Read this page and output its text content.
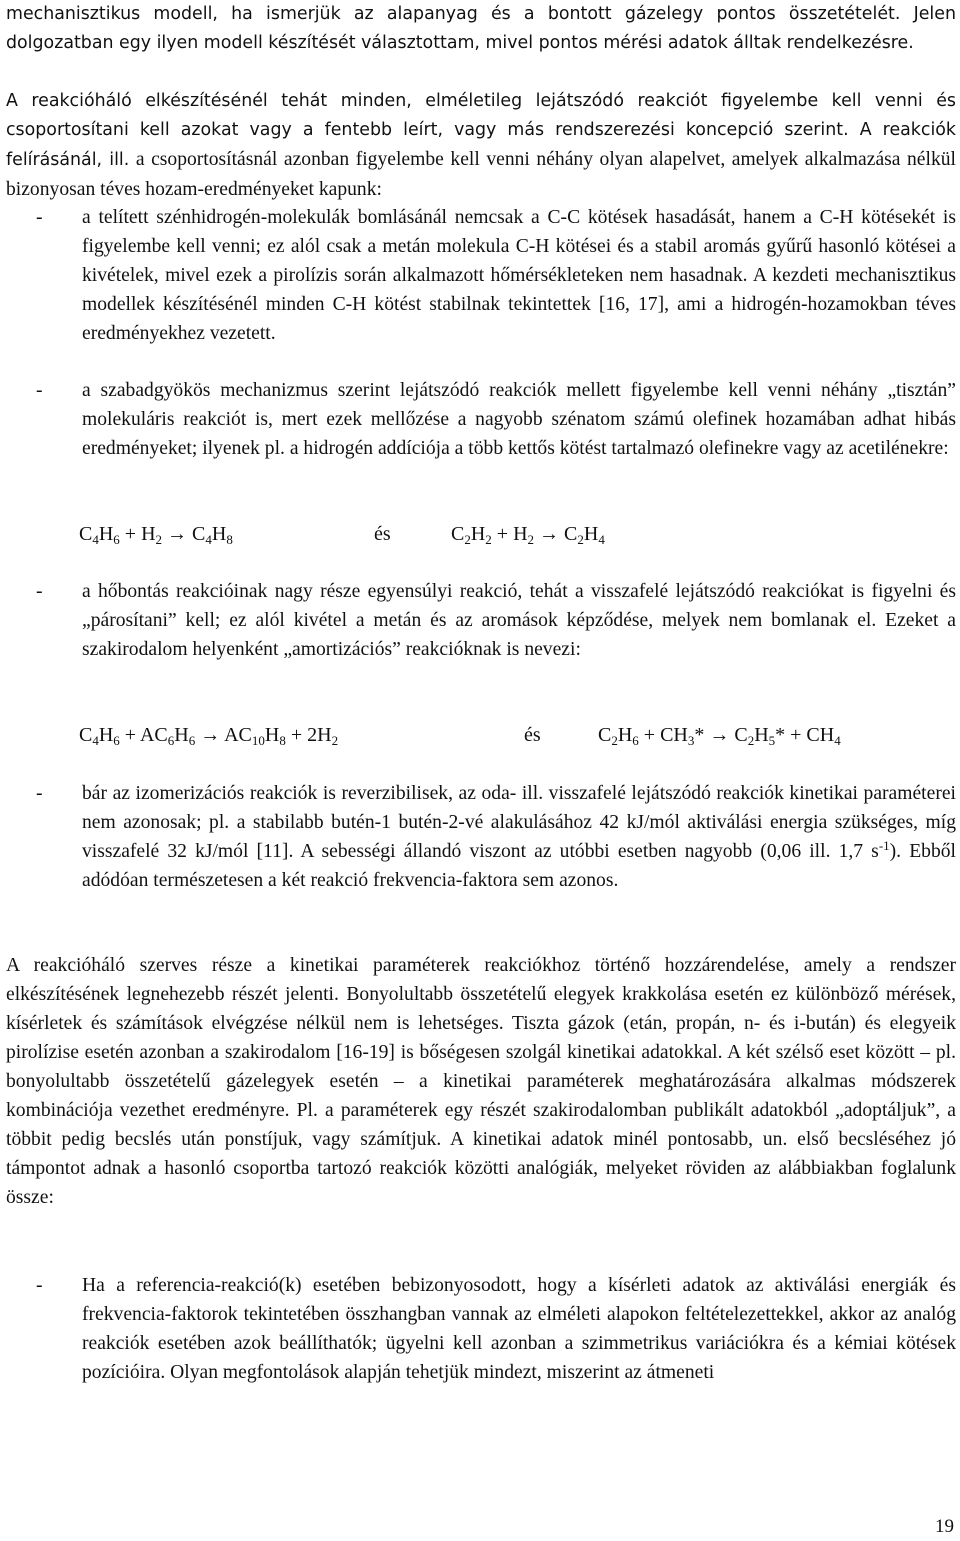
mechanisztikus modell, ha ismerjük az alapanyag és a bontott gázelegy pontos összetételét. Jelen dolgozatban egy ilyen modell készítését választottam, mivel pontos mérési adatok álltak rendelkezésre.

A reakcióháló elkészítésénél tehát minden, elméletileg lejátszódó reakciót figyelembe kell venni és csoportosítani kell azokat vagy a fentebb leírt, vagy más rendszerezési koncepció szerint. A reakciók felírásánál, ill. a csoportosításnál azonban figyelembe kell venni néhány olyan alapelvet, amelyek alkalmazása nélkül bizonyosan téves hozam-eredményeket kapunk:

- a telített szénhidrogén-molekulák bomlásánál nemcsak a C-C kötések hasadását, hanem a C-H kötésekét is figyelembe kell venni; ez alól csak a metán molekula C-H kötései és a stabil aromás gyűrű hasonló kötései a kivételek, mivel ezek a pirolízis során alkalmazott hőmérsékleteken nem hasadnak. A kezdeti mechanisztikus modellek készítésénél minden C-H kötést stabilnak tekintettek [16, 17], ami a hidrogén-hozamokban téves eredményekhez vezetett.
- a szabadgyökös mechanizmus szerint lejátszódó reakciók mellett figyelembe kell venni néhány „tisztán” molekuláris reakciót is, mert ezek mellőzése a nagyobb szénatom számú olefinek hozamában adhat hibás eredményeket; ilyenek pl. a hidrogén addíciója a több kettős kötést tartalmazó olefinekre vagy az acetilénekre:
$C_4H_6 + H_2 \to C_4H_8$	és	$C_2H_2 + H_2 \to C_2H_4$
- a hőbontás reakcióinak nagy része egyensúlyi reakció, tehát a visszafelé lejátszódó reakciókat is figyelni és „párosítani” kell; ez alól kivétel a metán és az aromások képződése, melyek nem bomlanak el. Ezeket a szakirodalom helyenként „amortizációs” reakcióknak is nevezi:
$C_4H_6 + AC_6H_6 \to AC_{10}H_8 + 2H_2$	és	$C_2H_6 + CH_3* \to C_2H_5* + CH_4$
- bár az izomerizációs reakciók is reverzibilisek, az oda- ill. visszafelé lejátszódó reakciók kinetikai paraméterei nem azonosak; pl. a stabilabb butén-1 butén-2-vé alakulásához 42 kJ/mól aktiválási energia szükséges, míg visszafelé 32 kJ/mól [11]. A sebességi állandó viszont az utóbbi esetben nagyobb (0,06 ill. 1,7 $s^{-1}$). Ebből adódóan természetesen a két reakció frekvencia-faktora sem azonos.

A reakcióháló szerves része a kinetikai paraméterek reakciókhoz történő hozzárendelése, amely a rendszer elkészítésének legnehezebb részét jelenti. Bonyolultabb összetételű elegyek krakkolása esetén ez különböző mérések, kísérletek és számítások elvégzése nélkül nem is lehetséges. Tiszta gázok (etán, propán, n- és i-bután) és elegyeik pirolízise esetén azonban a szakirodalom [16-19] is bőségesen szolgál kinetikai adatokkal. A két szélső eset között – pl. bonyolultabb összetételű gázelegyek esetén – a kinetikai paraméterek meghatározására alkalmas módszerek kombinációja vezethet eredményre. Pl. a paraméterek egy részét szakirodalomban publikált adatokból „adoptáljuk”, a többit pedig becslés után ponstíjuk, vagy számítjuk. A kinetikai adatok minél pontosabb, un. első becsléséhez jó támpontot adnak a hasonló csoportba tartozó reakciók közötti analógiák, melyeket röviden az alábbiakban foglalunk össze:

- Ha a referencia-reakció(k) esetében bebizonyosodott, hogy a kísérleti adatok az aktiválási energiák és frekvencia-faktorok tekintetében összhangban vannak az elméleti alapokon feltételezettekkel, akkor az analóg reakciók esetében azok beállíthatók; ügyelni kell azonban a szimmetrikus variációkra és a kémiai kötések pozícióira. Olyan megfontolások alapján tehetjük mindezt, miszerint az átmeneti
19
